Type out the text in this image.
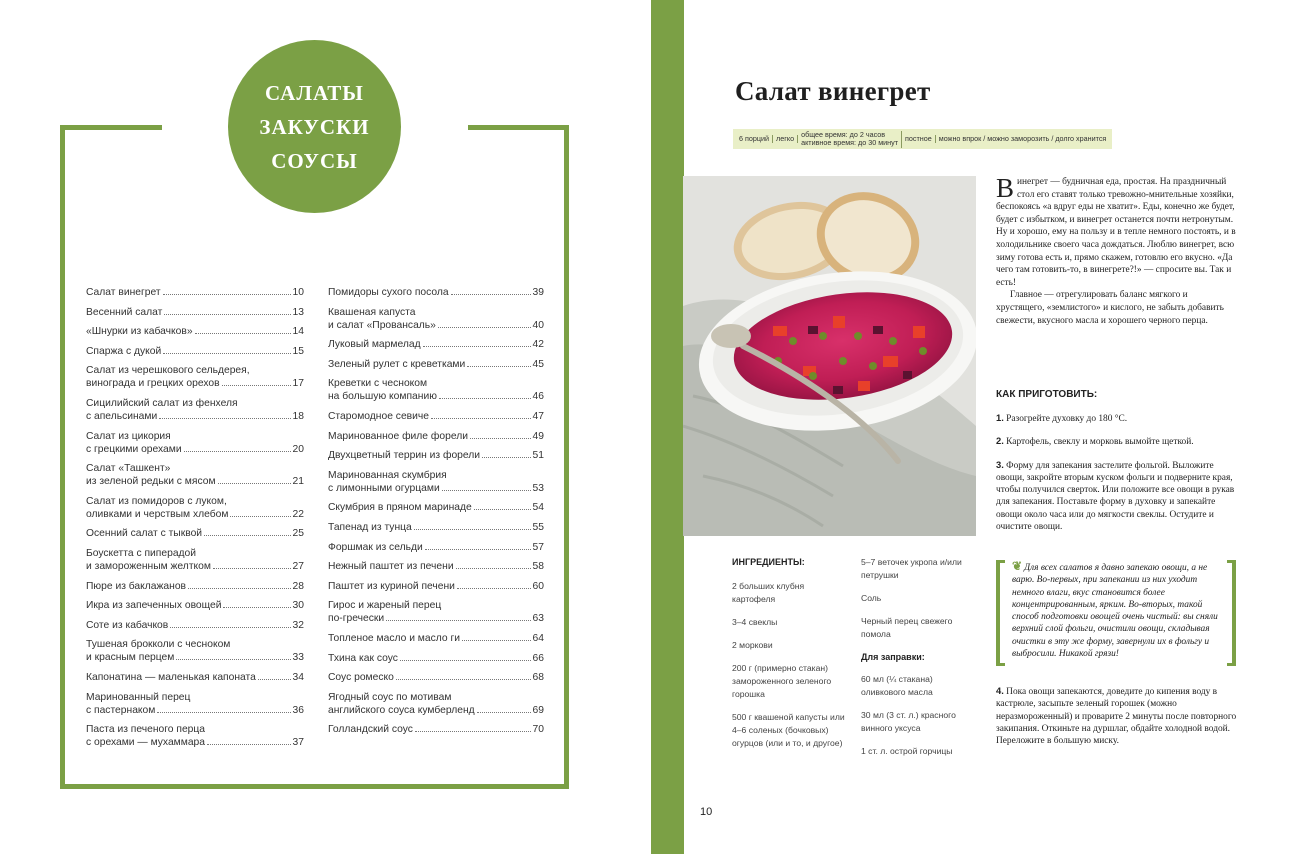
САЛАТЫ
ЗАКУСКИ
СОУСЫ
Салат винегрет	10
Весенний салат	13
«Шнурки из кабачков»	14
Спаржа с дукой	15
Салат из черешкового сельдерея,
винограда и грецких орехов	17
Сицилийский салат из фенхеля
с апельсинами	18
Салат из цикория
с грецкими орехами	20
Салат «Ташкент»
из зеленой редьки с мясом	21
Салат из помидоров с луком,
оливками и черствым хлебом	22
Осенний салат с тыквой	25
Боускетта с пиперадой
и замороженным желтком	27
Пюре из баклажанов	28
Икра из запеченных овощей	30
Соте из кабачков	32
Тушеная брокколи с чесноком
и красным перцем	33
Капонатина — маленькая капоната	34
Маринованный перец
с пастернаком	36
Паста из печеного перца
с орехами — мухаммара	37
Помидоры сухого посола	39
Квашеная капуста
и салат «Провансаль»	40
Луковый мармелад	42
Зеленый рулет с креветками	45
Креветки с чесноком
на большую компанию	46
Старомодное севиче	47
Маринованное филе форели	49
Двухцветный террин из форели	51
Маринованная скумбрия
с лимонными огурцами	53
Скумбрия в пряном маринаде	54
Тапенад из тунца	55
Форшмак из сельди	57
Нежный паштет из печени	58
Паштет из куриной печени	60
Гирос и жареный перец
по-гречески	63
Топленое масло и масло ги	64
Тхина как соус	66
Соус ромеско	68
Ягодный соус по мотивам
английского соуса кумберленд	69
Голландский соус	70
Салат винегрет
6 порций легко общее время: до 2 часов
активное время: до 30 минут постное можно впрок / можно заморозить / долго хранится
В инегрет — будничная еда, простая. На праздничный стол его ставят только тревожно-мнительные хозяйки, беспокоясь «а вдруг еды не хватит». Еды, конечно же будет, будет с избытком, и винегрет останется почти нетронутым. Ну и хорошо, ему на пользу и в тепле немного постоять, и в холодильнике своего часа дождаться. Люблю винегрет, всю зиму готова есть и, прямо скажем, готовлю его вкусно. «Да чего там готовить-то, в винегрете?!» — спросите вы. Так и есть!

Главное — отрегулировать баланс мягкого и хрустящего, «землистого» и кислого, не забыть добавить свежести, вкусного масла и хорошего черного перца.

КАК ПРИГОТОВИТЬ:
1. Разогрейте духовку до 180 °C.
2. Картофель, свеклу и морковь вымойте щеткой.
3. Форму для запекания застелите фольгой. Выложите овощи, закройте вторым куском фольги и подверните края, чтобы получился сверток. Или положите все овощи в рукав для запекания. Поставьте форму в духовку и запекайте овощи около часа или до мягкости свеклы. Остудите и очистите овощи.
❦ Для всех салатов я давно запекаю овощи, а не варю. Во-первых, при запекании из них уходит немного влаги, вкус становится более концентрированным, ярким. Во-вторых, такой способ подготовки овощей очень чистый: вы сняли верхний слой фольги, очистили овощи, складывая очистки в эту же форму, завернули их в фольгу и выбросили. Никакой грязи!
4. Пока овощи запекаются, доведите до кипения воду в кастрюле, засыпьте зеленый горошек (можно неразмороженный) и проварите 2 минуты после повторного закипания. Откиньте на дуршлаг, обдайте холодной водой. Переложите в большую миску.
ИНГРЕДИЕНТЫ:
2 больших клубня картофеля
3–4 свеклы
2 моркови
200 г (примерно стакан) замороженного зеленого горошка
500 г квашеной капусты или 4–6 соленых (бочковых) огурцов (или и то, и другое)
5–7 веточек укропа и/или петрушки
Соль
Черный перец свежего помола
Для заправки:
60 мл (¼ стакана) оливкового масла
30 мл (3 ст. л.) красного винного уксуса
1 ст. л. острой горчицы
10
